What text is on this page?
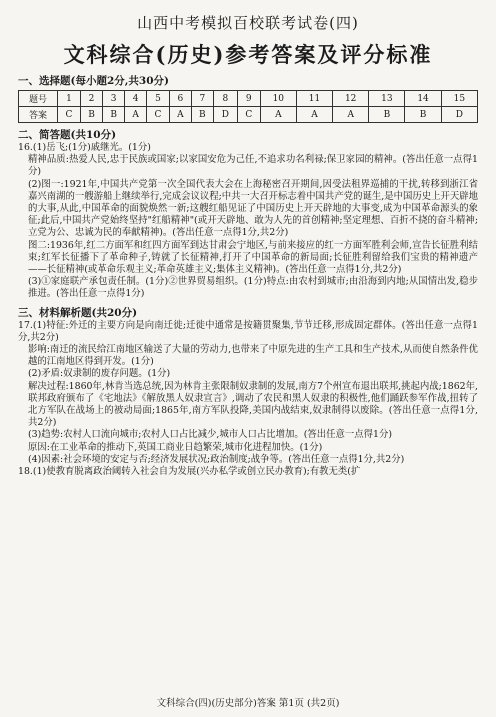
山西中考模拟百校联考试卷(四)
文科综合(历史)参考答案及评分标准
一、选择题(每小题2分,共30分)
题号	1	2	3	4	5	6	7	8	9	10	11	12	13	14	15
答案	C	B	B	A	C	A	B	D	C	A	A	A	B	B	D
二、简答题(共10分)

16.(1)岳飞;(1分)戚继光。(1分)

精神品质:热爱人民,忠于民族或国家;以家国安危为己任,不追求功名利禄;保卫家园的精神。(答出任意一点得1分)

(2)图一:1921年,中国共产党第一次全国代表大会在上海秘密召开期间,因受法租界巡捕的干扰,转移到浙江省嘉兴南湖的一艘游船上继续举行,完成会议议程;中共一大召开标志着中国共产党的诞生,是中国历史上开天辟地的大事,从此,中国革命的面貌焕然一新;这艘红船见证了中国历史上开天辟地的大事变,成为中国革命源头的象征;此后,中国共产党始终坚持"红船精神"(或开天辟地、敢为人先的首创精神;坚定理想、百折不挠的奋斗精神;立党为公、忠诚为民的奉献精神)。(答出任意一点得1分,共2分)

图二:1936年,红二方面军和红四方面军到达甘肃会宁地区,与前来接应的红一方面军胜利会师,宣告长征胜利结束;红军长征播下了革命种子,铸就了长征精神,打开了中国革命的新局面;长征胜利留给我们宝贵的精神遗产——长征精神(或革命乐观主义;革命英雄主义;集体主义精神)。(答出任意一点得1分,共2分)

(3)①家庭联产承包责任制。(1分)②世界贸易组织。(1分)特点:由农村到城市;由沿海到内地;从国情出发,稳步推进。(答出任意一点得1分)

三、材料解析题(共20分)

17.(1)特征:外迁的主要方向是向南迁徙;迁徙中通常是按籍贯聚集,节节迁移,形成固定群体。(答出任意一点得1分,共2分)

影响:南迁的流民给江南地区输送了大量的劳动力,也带来了中原先进的生产工具和生产技术,从而使自然条件优越的江南地区得到开发。(1分)

(2)矛盾:奴隶制的废存问题。(1分)

解决过程:1860年,林肯当选总统,因为林肯主张限制奴隶制的发展,南方7个州宣布退出联邦,挑起内战;1862年,联邦政府颁布了《宅地法》《解放黑人奴隶宣言》,调动了农民和黑人奴隶的积极性,他们踊跃参军作战,扭转了北方军队在战场上的被动局面;1865年,南方军队投降,美国内战结束,奴隶制得以废除。(答出任意一点得1分,共2分)

(3)趋势:农村人口流向城市;农村人口占比减少,城市人口占比增加。(答出任意一点得1分)

原因:在工业革命的推动下,英国工商业日趋繁荣,城市化进程加快。(1分)

(4)因素:社会环境的安定与否;经济发展状况;政治制度;战争等。(答出任意一点得1分,共2分)

18.(1)使教育脱离政治阈转入社会自为发展(兴办私学或创立民办教育);有教无类(扩

文科综合(四)(历史部分)答案 第1页 (共2页)
